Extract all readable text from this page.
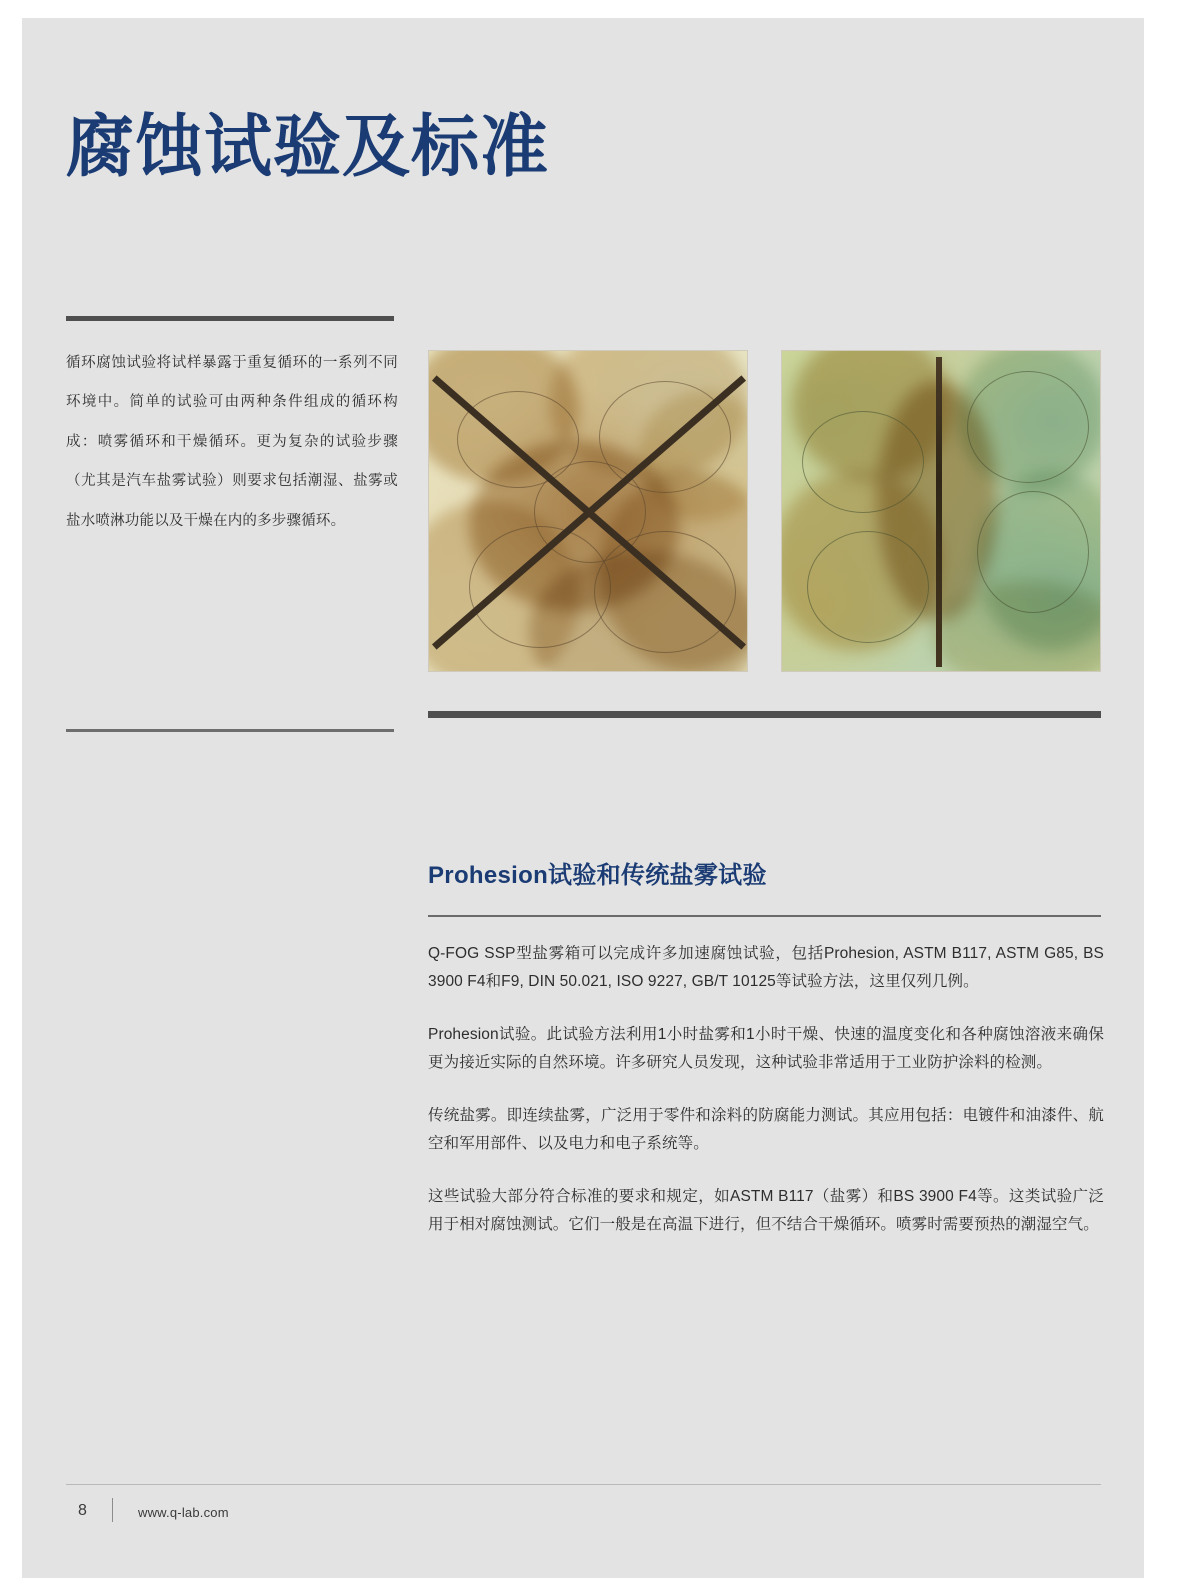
腐蚀试验及标准
循环腐蚀试验将试样暴露于重复循环的一系列不同环境中。简单的试验可由两种条件组成的循环构成：喷雾循环和干燥循环。更为复杂的试验步骤（尤其是汽车盐雾试验）则要求包括潮湿、盐雾或盐水喷淋功能以及干燥在内的多步骤循环。
Prohesion试验和传统盐雾试验

Q-FOG SSP型盐雾箱可以完成许多加速腐蚀试验，包括Prohesion, ASTM B117, ASTM G85, BS 3900 F4和F9, DIN 50.021, ISO 9227, GB/T 10125等试验方法，这里仅列几例。

Prohesion试验。此试验方法利用1小时盐雾和1小时干燥、快速的温度变化和各种腐蚀溶液来确保更为接近实际的自然环境。许多研究人员发现，这种试验非常适用于工业防护涂料的检测。

传统盐雾。即连续盐雾，广泛用于零件和涂料的防腐能力测试。其应用包括：电镀件和油漆件、航空和军用部件、以及电力和电子系统等。

这些试验大部分符合标准的要求和规定，如ASTM B117（盐雾）和BS 3900 F4等。这类试验广泛用于相对腐蚀测试。它们一般是在高温下进行，但不结合干燥循环。喷雾时需要预热的潮湿空气。

8	www.q-lab.com
